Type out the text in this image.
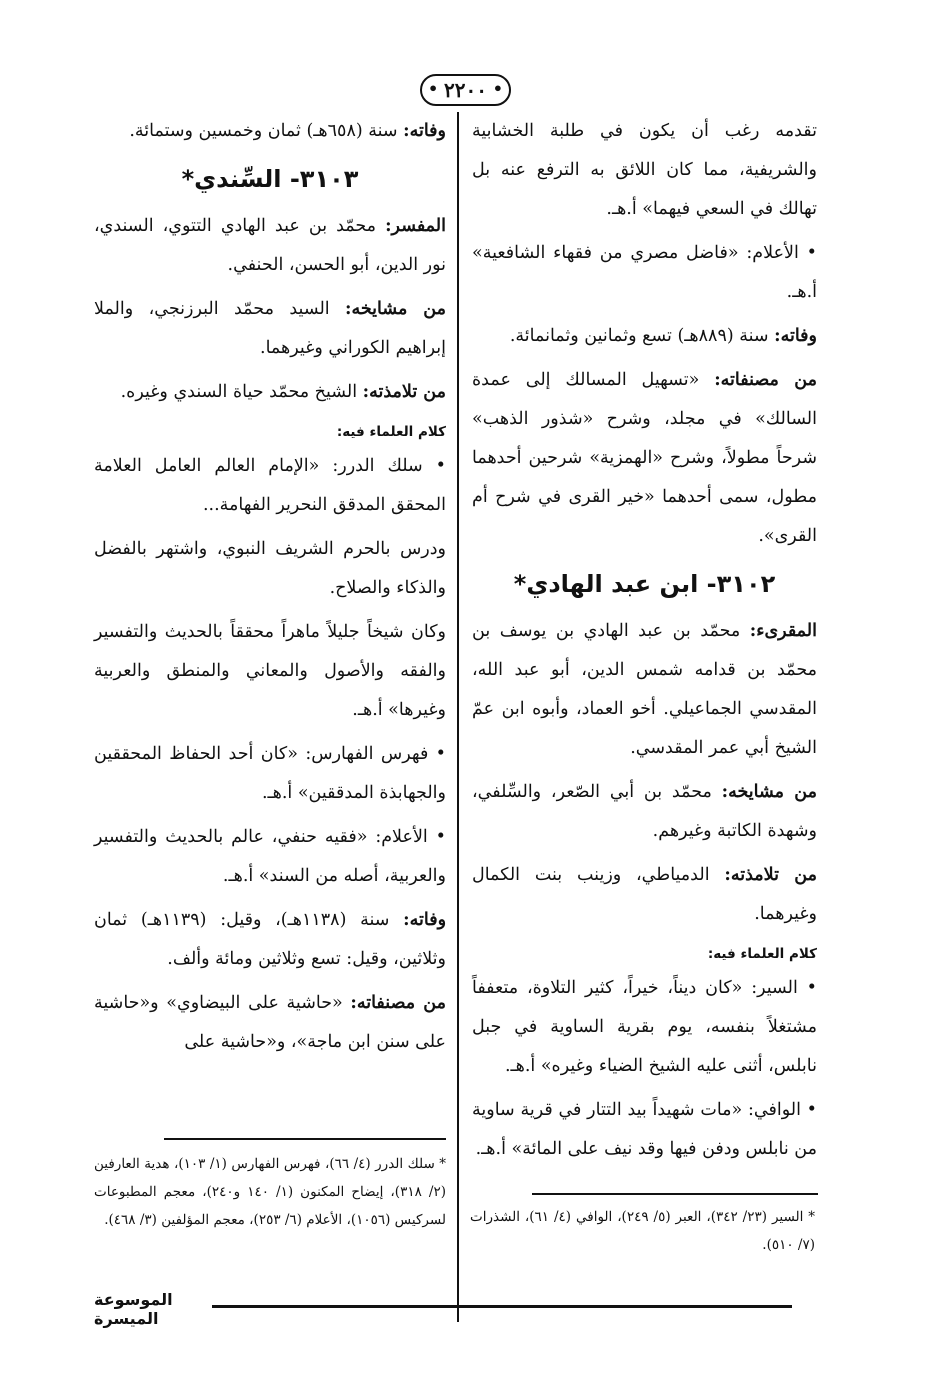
• ٢٢٠٠ •

تقدمه رغب أن يكون في طلبة الخشابية والشريفية، مما كان اللائق به الترفع عنه بل تهالك في السعي فيهما» أ.هـ.

• الأعلام: «فاضل مصري من فقهاء الشافعية» أ.هـ.

وفاته: سنة (٨٨٩هـ) تسع وثمانين وثمانمائة.

من مصنفاته: «تسهيل المسالك إلى عمدة السالك» في مجلد، وشرح «شذور الذهب» شرحاً مطولاً، وشرح «الهمزية» شرحين أحدهما مطول، سمى أحدهما «خير القرى في شرح أم القرى».

٣١٠٢- ابن عبد الهادي*

المقرىء: محمّد بن عبد الهادي بن يوسف بن محمّد بن قدامه شمس الدين، أبو عبد الله، المقدسي الجماعيلي. أخو العماد، وأبوه ابن عمّ الشيخ أبي عمر المقدسي.

من مشايخه: محمّد بن أبي الصّعر، والسِّلفي، وشهدة الكاتبة وغيرهم.

من تلامذته: الدمياطي، وزينب بنت الكمال وغيرهما.

كلام العلماء فيه:

• السير: «كان ديناً، خيراً، كثير التلاوة، متعففاً مشتغلاً بنفسه، يوم بقرية الساوية في جبل نابلس، أثنى عليه الشيخ الضياء وغيره» أ.هـ.

• الوافي: «مات شهيداً بيد التتار في قرية ساوية من نابلس ودفن فيها وقد نيف على المائة» أ.هـ.

* السير (٢٣/ ٣٤٢)، العبر (٥/ ٢٤٩)، الوافي (٤/ ٦١)، الشذرات (٧/ ٥١٠).

وفاته: سنة (٦٥٨هـ) ثمان وخمسين وستمائة.

٣١٠٣- السِّندي*

المفسر: محمّد بن عبد الهادي التتوي، السندي، نور الدين، أبو الحسن، الحنفي.

من مشايخه: السيد محمّد البرزنجي، والملا إبراهيم الكوراني وغيرهما.

من تلامذته: الشيخ محمّد حياة السندي وغيره.

كلام العلماء فيه:

• سلك الدرر: «الإمام العالم العامل العلامة المحقق المدقق النحرير الفهامة...

ودرس بالحرم الشريف النبوي، واشتهر بالفضل والذكاء والصلاح.

وكان شيخاً جليلاً ماهراً محققاً بالحديث والتفسير والفقه والأصول والمعاني والمنطق والعربية وغيرها» أ.هـ.

• فهرس الفهارس: «كان أحد الحفاظ المحققين والجهابذة المدققين» أ.هـ.

• الأعلام: «فقيه حنفي، عالم بالحديث والتفسير والعربية، أصله من السند» أ.هـ.

وفاته: سنة (١١٣٨هـ)، وقيل: (١١٣٩هـ) ثمان وثلاثين، وقيل: تسع وثلاثين ومائة وألف.

من مصنفاته: «حاشية على البيضاوي» و«حاشية على سنن ابن ماجة»، و«حاشية على

* سلك الدرر (٤/ ٦٦)، فهرس الفهارس (١/ ١٠٣)، هدية العارفين (٢/ ٣١٨)، إيضاح المكنون (١/ ١٤٠ و٢٤٠)، معجم المطبوعات لسركيس (١٠٥٦)، الأعلام (٦/ ٢٥٣)، معجم المؤلفين (٣/ ٤٦٨).
الموسوعة الميسرة
